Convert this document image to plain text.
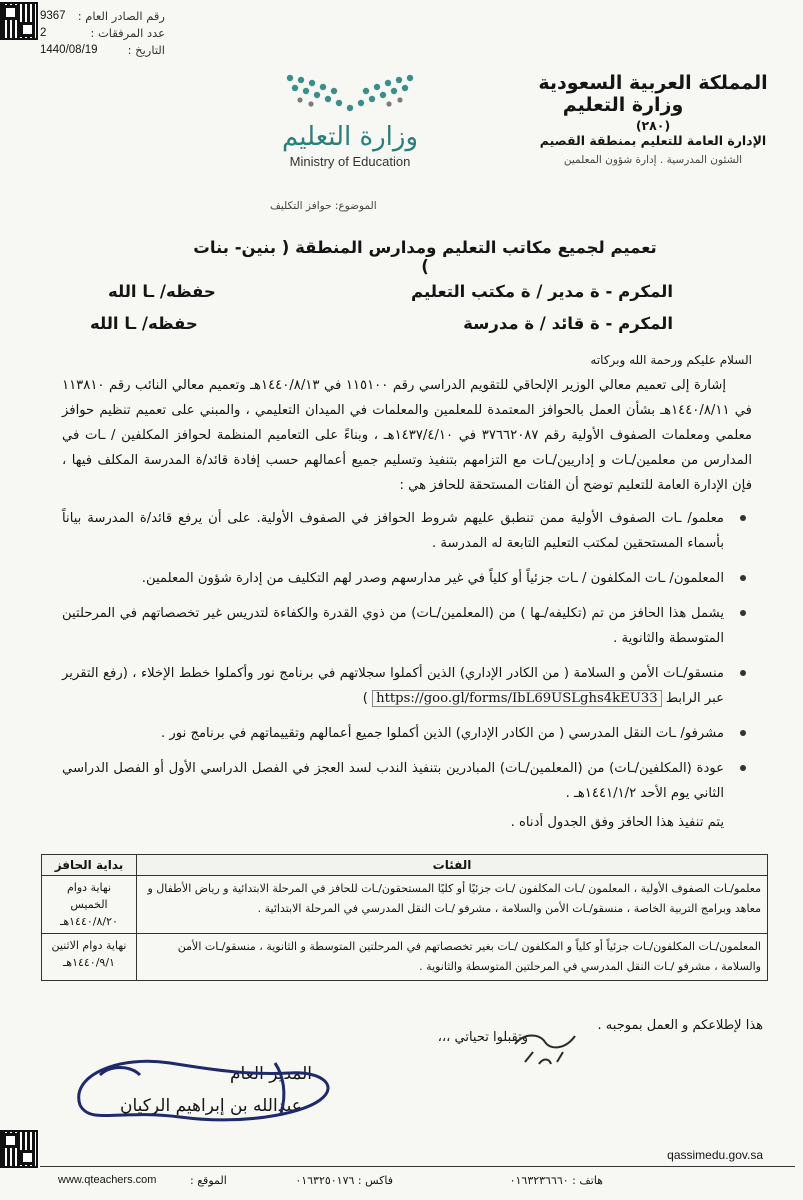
رقم الصادر العام :
9367
عدد المرفقات :
2
التاريخ :
1440/08/19
المملكة العربية السعودية
وزارة التعليم
(٢٨٠)
الإدارة العامة للتعليم بمنطقة القصيم
الشئون المدرسية . إدارة شؤون المعلمين
وزارة التعليم
Ministry of Education
الموضوع: حوافز التكليف
تعميم لجميع مكاتب التعليم ومدارس المنطقة ( بنين- بنات )
المكرم - ة مدير / ة مكتب التعليم
حفظه/ ـا الله
المكرم - ة قائد / ة مدرسة
حفظه/ ـا الله
السلام عليكم ورحمة الله وبركاته
إشارة إلى تعميم معالي الوزير الإلحاقي للتقويم الدراسي رقم ١١٥١٠٠ في ١٤٤٠/٨/١٣هـ وتعميم معالي النائب رقم ١١٣٨١٠ في ١٤٤٠/٨/١١هـ بشأن العمل بالحوافز المعتمدة للمعلمين والمعلمات في الميدان التعليمي ، والمبني على تعميم تنظيم حوافز معلمي ومعلمات الصفوف الأولية رقم ٣٧٦٦٢٠٨٧ في ١٤٣٧/٤/١٠هـ ، وبناءً على التعاميم المنظمة لحوافز المكلفين / ـات في المدارس من معلمين/ـات و إداريين/ـات مع التزامهم بتنفيذ وتسليم جميع أعمالهم حسب إفادة قائد/ة المدرسة المكلف فيها ، فإن الإدارة العامة للتعليم توضح أن الفئات المستحقة للحافز هي :
معلمو/ ـات الصفوف الأولية ممن تنطبق عليهم شروط الحوافز في الصفوف الأولية. على أن يرفع قائد/ة المدرسة بياناً بأسماء المستحقين لمكتب التعليم التابعة له المدرسة .
المعلمون/ ـات المكلفون / ـات جزئياً أو كلياً في غير مدارسهم وصدر لهم التكليف من إدارة شؤون المعلمين.
يشمل هذا الحافز من تم (تكليفه/ـها ) من (المعلمين/ـات) من ذوي القدرة والكفاءة لتدريس غير تخصصاتهم في المرحلتين المتوسطة والثانوية .
منسقو/ـات الأمن و السلامة ( من الكادر الإداري) الذين أكملوا سجلاتهم في برنامج نور وأكملوا خطط الإخلاء ، (رفع التقرير عبر الرابط https://goo.gl/forms/IbL69USLghs4kEU33 )
مشرفو/ ـات النقل المدرسي ( من الكادر الإداري) الذين أكملوا جميع أعمالهم وتقييماتهم في برنامج نور .
عودة (المكلفين/ـات) من (المعلمين/ـات) المبادرين بتنفيذ الندب لسد العجز في الفصل الدراسي الأول أو الفصل الدراسي الثاني يوم الأحد ١٤٤١/١/٢هـ .
يتم تنفيذ هذا الحافز وفق الجدول أدناه .
الفئات	بداية الحافز
معلمو/ـات الصفوف الأولية ، المعلمون /ـات المكلفون /ـات جزئيًا أو كليًا المستحقون/ـات للحافز في المرحلة الابتدائية و رياض الأطفال و معاهد وبرامج التربية الخاصة ، منسقو/ـات الأمن والسلامة ، مشرفو /ـات النقل المدرسي في المرحلة الابتدائية .	نهاية دوام الخميس
١٤٤٠/٨/٢٠هـ

المعلمون/ـات المكلفون/ـات جزئياً أو كلياً و المكلفون /ـات بغير تخصصاتهم في المرحلتين المتوسطة و الثانوية ، منسقو/ـات الأمن والسلامة ، مشرفو /ـات النقل المدرسي في المرحلتين المتوسطة والثانوية .	نهاية دوام الاثنين
١٤٤٠/٩/١هـ
هذا لإطلاعكم و العمل بموجبه .
وتقبلوا تحياتي ،،،
المدير العام
عبدالله بن إبراهيم الركيان
qassimedu.gov.sa
هاتف : ٠١٦٣٢٣٦٦٦٠
فاكس : ٠١٦٣٢٥٠١٧٦
الموقع :
www.qteachers.com
